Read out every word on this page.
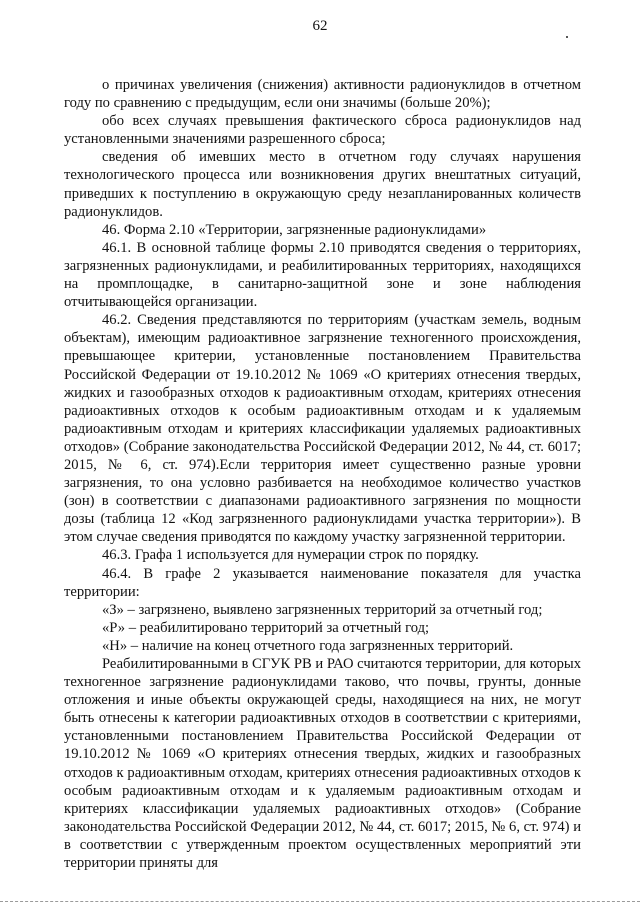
62

о причинах увеличения (снижения) активности радионуклидов в отчетном году по сравнению с предыдущим, если они значимы (больше 20%);

обо всех случаях превышения фактического сброса радионуклидов над установленными значениями разрешенного сброса;

сведения об имевших место в отчетном году случаях нарушения технологического процесса или возникновения других внештатных ситуаций, приведших к поступлению в окружающую среду незапланированных количеств радионуклидов.

46. Форма 2.10 «Территории, загрязненные радионуклидами»

46.1. В основной таблице формы 2.10 приводятся сведения о территориях, загрязненных радионуклидами, и реабилитированных территориях, находящихся на промплощадке, в санитарно-защитной зоне и зоне наблюдения отчитывающейся организации.

46.2. Сведения представляются по территориям (участкам земель, водным объектам), имеющим радиоактивное загрязнение техногенного происхождения, превышающее критерии, установленные постановлением Правительства Российской Федерации от 19.10.2012 № 1069 «О критериях отнесения твердых, жидких и газообразных отходов к радиоактивным отходам, критериях отнесения радиоактивных отходов к особым радиоактивным отходам и к удаляемым радиоактивным отходам и критериях классификации удаляемых радиоактивных отходов» (Собрание законодательства Российской Федерации 2012, № 44, ст. 6017; 2015, № 6, ст. 974).Если территория имеет существенно разные уровни загрязнения, то она условно разбивается на необходимое количество участков (зон) в соответствии с диапазонами радиоактивного загрязнения по мощности дозы (таблица 12 «Код загрязненного радионуклидами участка территории»). В этом случае сведения приводятся по каждому участку загрязненной территории.

46.3. Графа 1 используется для нумерации строк по порядку.

46.4. В графе 2 указывается наименование показателя для участка территории:

«З» – загрязнено, выявлено загрязненных территорий за отчетный год;

«Р» – реабилитировано территорий за отчетный год;

«Н» – наличие на конец отчетного года загрязненных территорий.

Реабилитированными в СГУК РВ и РАО считаются территории, для которых техногенное загрязнение радионуклидами таково, что почвы, грунты, донные отложения и иные объекты окружающей среды, находящиеся на них, не могут быть отнесены к категории радиоактивных отходов в соответствии с критериями, установленными постановлением Правительства Российской Федерации от 19.10.2012 № 1069 «О критериях отнесения твердых, жидких и газообразных отходов к радиоактивным отходам, критериях отнесения радиоактивных отходов к особым радиоактивным отходам и к удаляемым радиоактивным отходам и критериях классификации удаляемых радиоактивных отходов» (Собрание законодательства Российской Федерации 2012, № 44, ст. 6017; 2015, № 6, ст. 974) и в соответствии с утвержденным проектом осуществленных мероприятий эти территории приняты для
